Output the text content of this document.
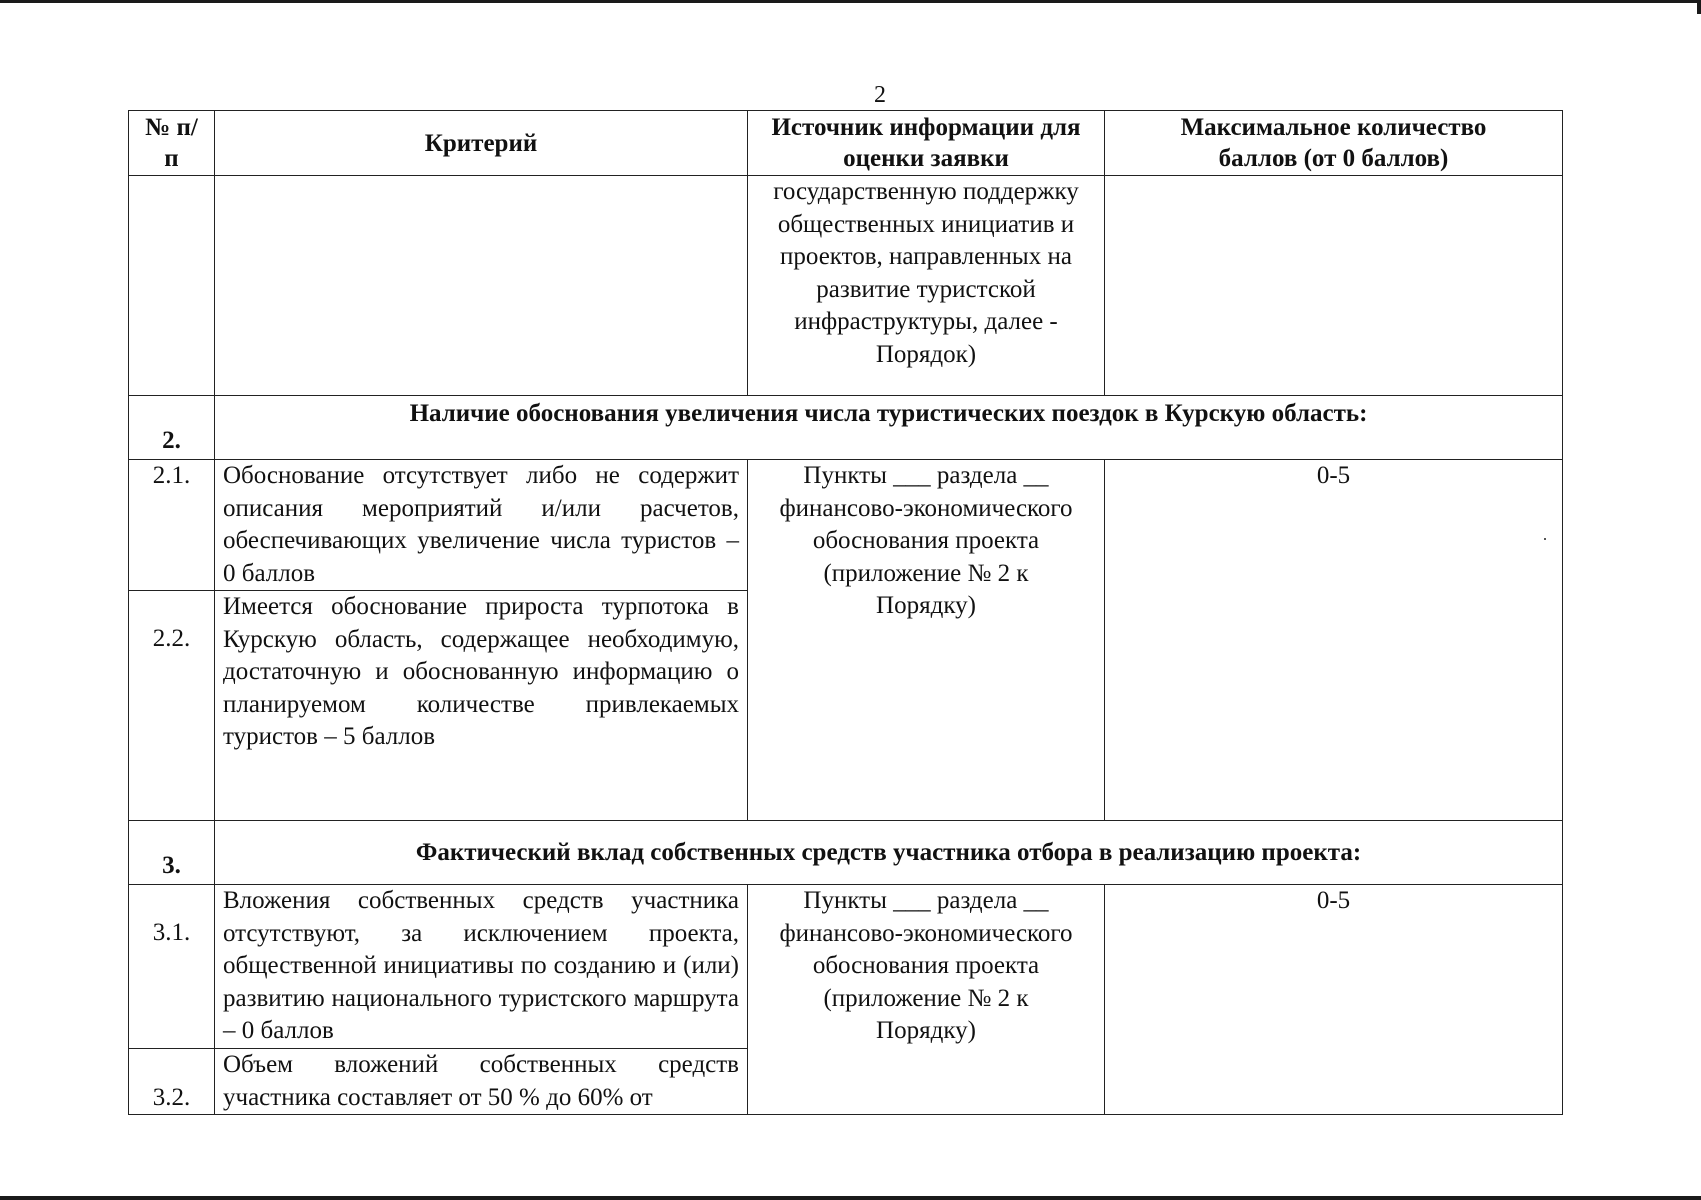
2
№ п/п	Критерий	Источник информации для оценки заявки	Максимальное количество баллов (от 0 баллов)
		государственную поддержку общественных инициатив и проектов, направленных на развитие туристской инфраструктуры, далее - Порядок)	
2.	Наличие обоснования увеличения числа туристических поездок в Курскую область:		
2.1.	Обоснование отсутствует либо не содержит описания мероприятий и/или расчетов, обеспечивающих увеличение числа туристов – 0 баллов	Пункты ___ раздела __ финансово-экономического обоснования проекта (приложение № 2 к Порядку)	0-5
2.2.	Имеется обоснование прироста турпотока в Курскую область, содержащее необходимую, достаточную и обоснованную информацию о планируемом количестве привлекаемых туристов – 5 баллов		
3.	Фактический вклад собственных средств участника отбора в реализацию проекта:		
3.1.	Вложения собственных средств участника отсутствуют, за исключением проекта, общественной инициативы по созданию и (или) развитию национального туристского маршрута – 0 баллов	Пункты ___ раздела __ финансово-экономического обоснования проекта (приложение № 2 к Порядку)	0-5
3.2.	Объем вложений собственных средств участника составляет от 50 % до 60% от		
